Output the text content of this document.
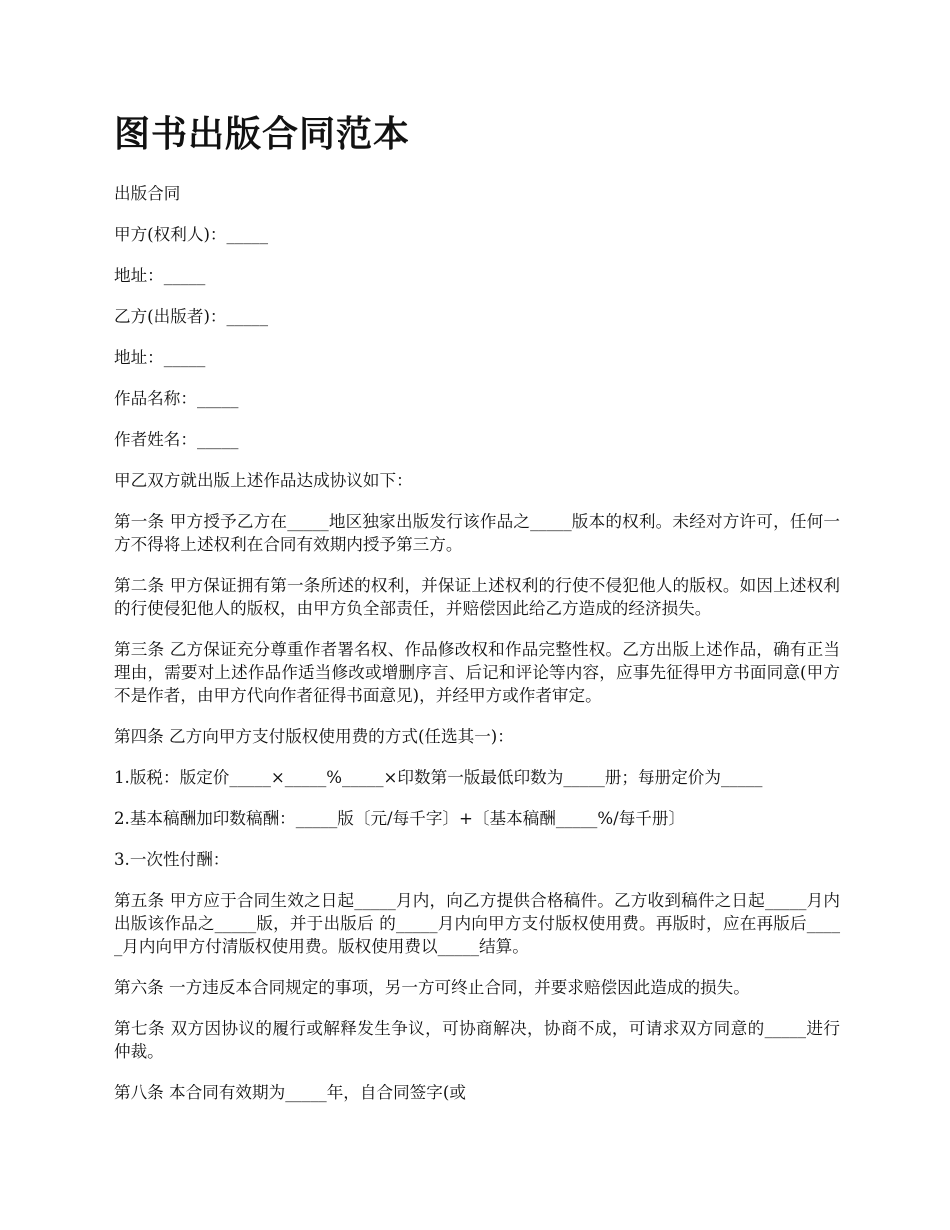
图书出版合同范本

出版合同

甲方(权利人)：_____

地址：_____

乙方(出版者)：_____

地址：_____

作品名称：_____

作者姓名：_____

甲乙双方就出版上述作品达成协议如下：

第一条 甲方授予乙方在_____地区独家出版发行该作品之_____版本的权利。未经对方许可，任何一方不得将上述权利在合同有效期内授予第三方。

第二条 甲方保证拥有第一条所述的权利，并保证上述权利的行使不侵犯他人的版权。如因上述权利的行使侵犯他人的版权，由甲方负全部责任，并赔偿因此给乙方造成的经济损失。

第三条 乙方保证充分尊重作者署名权、作品修改权和作品完整性权。乙方出版上述作品，确有正当理由，需要对上述作品作适当修改或增删序言、后记和评论等内容，应事先征得甲方书面同意(甲方不是作者，由甲方代向作者征得书面意见)，并经甲方或作者审定。

第四条 乙方向甲方支付版权使用费的方式(任选其一)：

1.版税：版定价_____×_____%_____×印数第一版最低印数为_____册；每册定价为_____

2.基本稿酬加印数稿酬：_____版〔元/每千字〕+〔基本稿酬_____%/每千册〕

3.一次性付酬：

第五条 甲方应于合同生效之日起_____月内，向乙方提供合格稿件。乙方收到稿件之日起_____月内出版该作品之_____版，并于出版后 的_____月内向甲方支付版权使用费。再版时，应在再版后_____月内向甲方付清版权使用费。版权使用费以_____结算。

第六条 一方违反本合同规定的事项，另一方可终止合同，并要求赔偿因此造成的损失。

第七条 双方因协议的履行或解释发生争议，可协商解决，协商不成，可请求双方同意的_____进行仲裁。

第八条 本合同有效期为_____年，自合同签字(或
